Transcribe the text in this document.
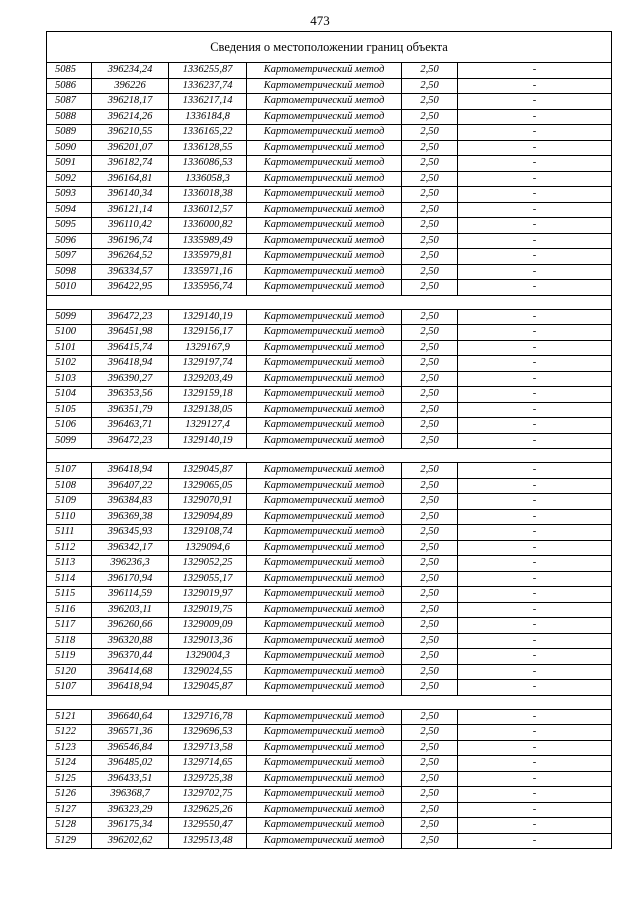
473
Сведения о местоположении границ объекта					
5085	396234,24	1336255,87	Картометрический метод	2,50	-
5086	396226	1336237,74	Картометрический метод	2,50	-
5087	396218,17	1336217,14	Картометрический метод	2,50	-
5088	396214,26	1336184,8	Картометрический метод	2,50	-
5089	396210,55	1336165,22	Картометрический метод	2,50	-
5090	396201,07	1336128,55	Картометрический метод	2,50	-
5091	396182,74	1336086,53	Картометрический метод	2,50	-
5092	396164,81	1336058,3	Картометрический метод	2,50	-
5093	396140,34	1336018,38	Картометрический метод	2,50	-
5094	396121,14	1336012,57	Картометрический метод	2,50	-
5095	396110,42	1336000,82	Картометрический метод	2,50	-
5096	396196,74	1335989,49	Картометрический метод	2,50	-
5097	396264,52	1335979,81	Картометрический метод	2,50	-
5098	396334,57	1335971,16	Картометрический метод	2,50	-
5010	396422,95	1335956,74	Картометрический метод	2,50	-

5099	396472,23	1329140,19	Картометрический метод	2,50	-
5100	396451,98	1329156,17	Картометрический метод	2,50	-
5101	396415,74	1329167,9	Картометрический метод	2,50	-
5102	396418,94	1329197,74	Картометрический метод	2,50	-
5103	396390,27	1329203,49	Картометрический метод	2,50	-
5104	396353,56	1329159,18	Картометрический метод	2,50	-
5105	396351,79	1329138,05	Картометрический метод	2,50	-
5106	396463,71	1329127,4	Картометрический метод	2,50	-
5099	396472,23	1329140,19	Картометрический метод	2,50	-

5107	396418,94	1329045,87	Картометрический метод	2,50	-
5108	396407,22	1329065,05	Картометрический метод	2,50	-
5109	396384,83	1329070,91	Картометрический метод	2,50	-
5110	396369,38	1329094,89	Картометрический метод	2,50	-
5111	396345,93	1329108,74	Картометрический метод	2,50	-
5112	396342,17	1329094,6	Картометрический метод	2,50	-
5113	396236,3	1329052,25	Картометрический метод	2,50	-
5114	396170,94	1329055,17	Картометрический метод	2,50	-
5115	396114,59	1329019,97	Картометрический метод	2,50	-
5116	396203,11	1329019,75	Картометрический метод	2,50	-
5117	396260,66	1329009,09	Картометрический метод	2,50	-
5118	396320,88	1329013,36	Картометрический метод	2,50	-
5119	396370,44	1329004,3	Картометрический метод	2,50	-
5120	396414,68	1329024,55	Картометрический метод	2,50	-
5107	396418,94	1329045,87	Картометрический метод	2,50	-

5121	396640,64	1329716,78	Картометрический метод	2,50	-
5122	396571,36	1329696,53	Картометрический метод	2,50	-
5123	396546,84	1329713,58	Картометрический метод	2,50	-
5124	396485,02	1329714,65	Картометрический метод	2,50	-
5125	396433,51	1329725,38	Картометрический метод	2,50	-
5126	396368,7	1329702,75	Картометрический метод	2,50	-
5127	396323,29	1329625,26	Картометрический метод	2,50	-
5128	396175,34	1329550,47	Картометрический метод	2,50	-
5129	396202,62	1329513,48	Картометрический метод	2,50	-
